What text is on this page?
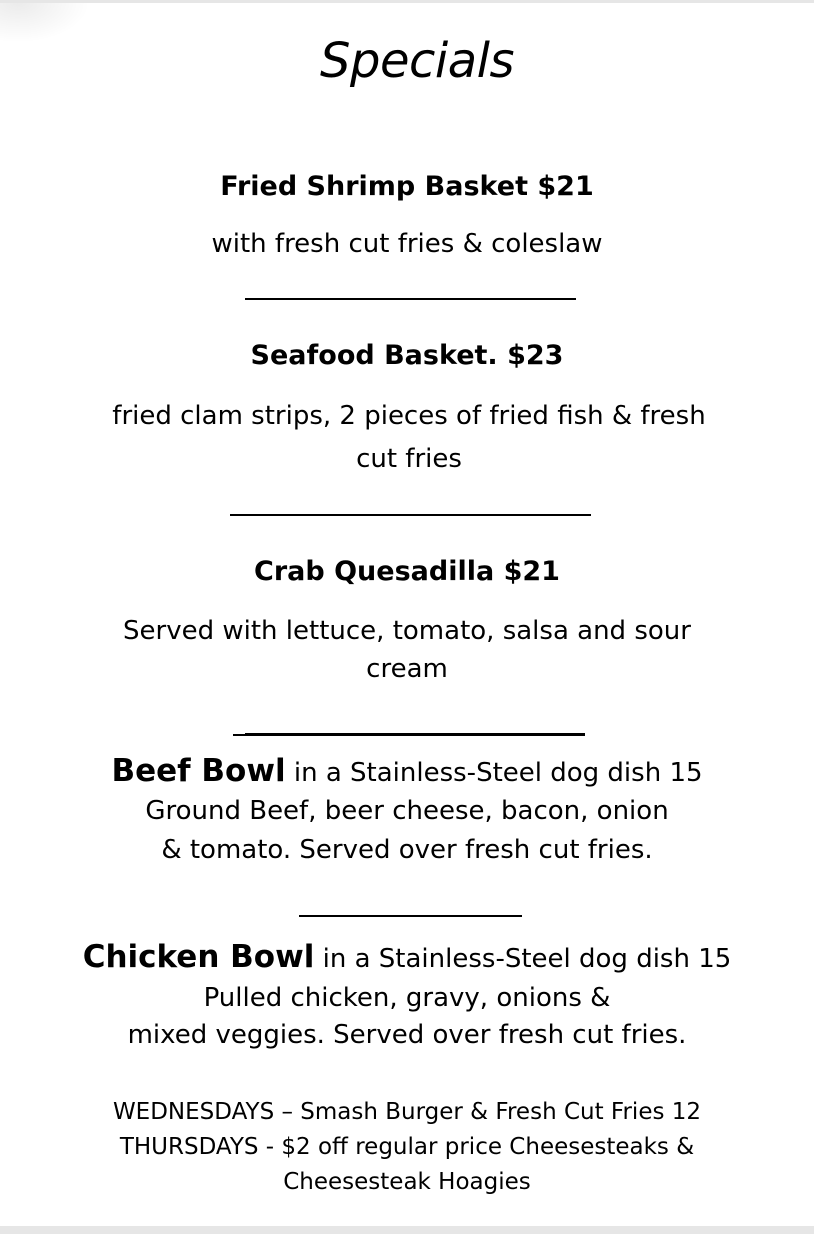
Specials
Fried Shrimp Basket $21
with fresh cut fries & coleslaw
Seafood Basket. $23
fried clam strips, 2 pieces of fried fish & fresh
cut fries
Crab Quesadilla $21
Served with lettuce, tomato, salsa and sour
cream
Beef Bowl in a Stainless-Steel dog dish 15
Ground Beef, beer cheese, bacon, onion
& tomato. Served over fresh cut fries.
Chicken Bowl in a Stainless-Steel dog dish 15
Pulled chicken, gravy, onions &
mixed veggies. Served over fresh cut fries.
WEDNESDAYS – Smash Burger & Fresh Cut Fries 12
THURSDAYS - $2 off regular price Cheesesteaks &
Cheesesteak Hoagies
